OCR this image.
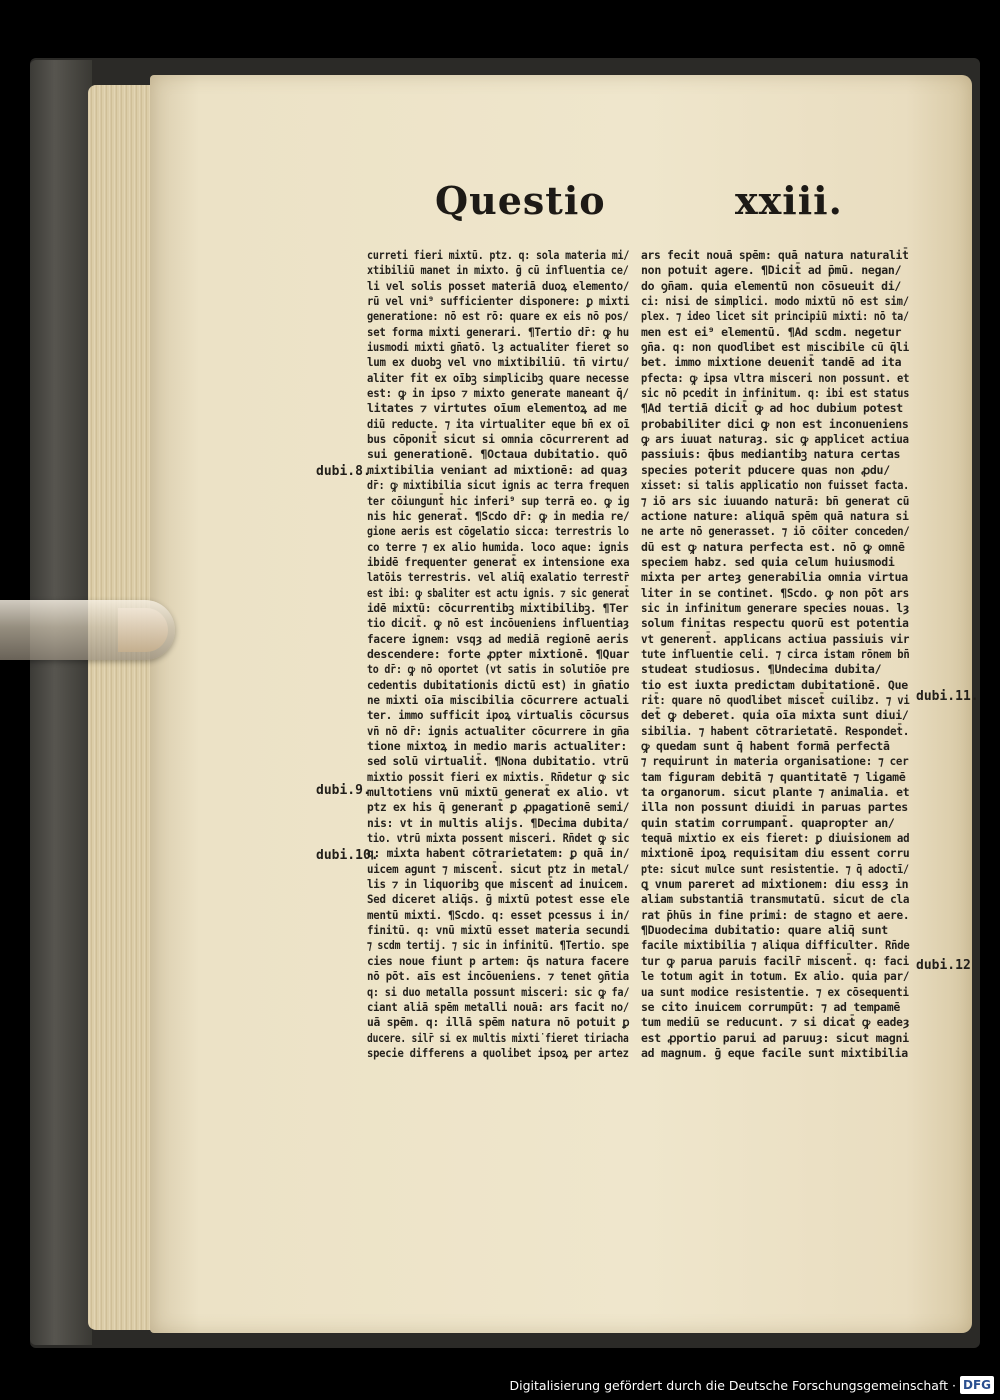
Questio	xxiii.
curreti fieri mixtū. ptz. q: sola materia mi/
xtibiliū manet in mixto. ḡ cū influentia ce/
li vel solis posset materiā duoꝝ elemento/
rū vel vni⁹ sufficienter disponere: ꝑ mixti
generatione: nō est rō: quare ex eis nō pos/
set forma mixti generari. ¶Tertio dr̄: ꝙ hu
iusmodi mixti gn̄atō. lȝ actualiter fieret so
lum ex duobꝫ vel vno mixtibiliū. tn̄ virtu/
aliter fit ex oībꝫ simplicibꝫ quare necesse
est: ꝙ in ipso ⁊ mixto generate maneant q̄/
litates ⁊ virtutes oīum elementoꝝ ad me
diū reducte. ⁊ ita virtualiter eque bn̄ ex oī
bus cōponit̄ sicut si omnia cōcurrerent ad
sui generationē. ¶Octaua dubitatio. quō
mixtibilia veniant ad mixtionē: ad quaȝ
dr̄: ꝙ mixtibilia sicut ignis ac terra frequen
ter cōiungunt̄ hic inferi⁹ sup terrā eo. ꝙ ig
nis hic generat̄. ¶Scdo dr̄: ꝙ in media re/
gione aeris est cōgelatio sicca: terrestris lo
co terre ⁊ ex alio humida. loco aque: ignis
ibidē frequenter generat̄ ex intensione exa
latōis terrestris. vel aliq̄ exalatio terrestr̄
est ibi: ꝙ sbaliter est actu ignis. ⁊ sic generat̄
idē mixtū: cōcurrentibꝫ mixtibilibꝫ. ¶Ter
tio dicit̄. ꝙ nō est incōueniens influentiaȝ
facere ignem: vsqȝ ad mediā regionē aeris
descendere: forte ꝓpter mixtionē. ¶Quar
to dr̄: ꝙ nō oportet (vt satis in solutiōe pre
cedentis dubitationis dictū est) in gn̄atio
ne mixti oīa miscibilia cōcurrere actuali
ter. immo sufficit ipoꝝ virtualis cōcursus
vn̄ nō dr̄: ignis actualiter cōcurrere in gn̄a
tione mixtoꝝ in medio maris actualiter:
sed solū virtualit̄. ¶Nona dubitatio. vtrū
mixtio possit fieri ex mixtis. Rn̄detur ꝙ sic
multotiens vnū mixtū generat̄ ex alio. vt
ptz ex his q̄ generant̄ ꝑ ꝓpagationē semi/
nis: vt in multis alijs. ¶Decima dubita/
tio. vtrū mixta possent misceri. Rn̄det ꝙ sic
q: mixta habent cōtrarietatem: ꝑ quā in/
uicem agunt ⁊ miscent̄. sicut ptz in metal/
lis ⁊ in liquoribꝫ que miscent̄ ad inuicem.
Sed diceret aliq̄s. ḡ mixtū potest esse ele
mentū mixti. ¶Scdo. q: esset pcessus i in/
finitū. q: vnū mixtū esset materia secundi
⁊ scdm tertij. ⁊ sic in infinitū. ¶Tertio. spe
cies noue fiunt p artem: q̄s natura facere
nō pōt. aīs est incōueniens. ⁊ tenet ꝯn̄tia
q: si duo metalla possunt misceri: sic ꝙ fa/
ciant aliā spēm metalli nouā: ars facit no/
uā spēm. q: illā spēm natura nō potuit ꝑ
ducere. silr̄ si ex multis mixti̇ fieret tiriacha
specie differens a quolibet ipsoꝝ per artez
ars fecit nouā spēm: quā natura naturalit̄
non potuit agere. ¶Dicit̄ ad p̄mū. negan/
do ꝯn̄am. quia elementū non cōsueuit di/
ci: nisi de simplici. modo mixtū nō est sim/
plex. ⁊ ideo licet sit principiū mixti: nō ta/
men est ei⁹ elementū. ¶Ad scdm. negetur
ꝯn̄a. q: non quodlibet est miscibile cū q̄li
bet. immo mixtione deuenit̄ tandē ad ita
pfecta: ꝙ ipsa vltra misceri non possunt. et
sic nō pcedit in infinitum. q: ibi est status
¶Ad tertiā dicit̄ ꝙ ad hoc dubium potest
probabiliter dici ꝙ non est inconueniens
ꝙ ars iuuat naturaȝ. sic ꝙ applicet actiua
passiuis: q̄bus mediantibꝫ natura certas
species poterit pducere quas non ꝓdu/
xisset: si talis applicatio non fuisset facta.
⁊ iō ars sic iuuando naturā: bn̄ generat cū
actione nature: aliquā spēm quā natura si
ne arte nō generasset. ⁊ iō cōiter conceden/
dū est ꝙ natura perfecta est. nō ꝙ omnē
speciem habz. sed quia celum huiusmodi
mixta per arteȝ generabilia omnia virtua
liter in se continet. ¶Scdo. ꝙ non pōt ars
sic in infinitum generare species nouas. lȝ
solum finitas respectu quorū est potentia
vt generent̄. applicans actiua passiuis vir
tute influentie celi. ⁊ circa istam rōnem bn̄
studeat studiosus. ¶Undecima dubita/
tio est iuxta predictam dubitationē. Que
rit̄: quare nō quodlibet miscet̄ cuilibz. ⁊ vi
det̄ ꝙ deberet. quia oīa mixta sunt diui/
sibilia. ⁊ habent cōtrarietatē. Respondet̄.
ꝙ quedam sunt q̄ habent formā perfectā
⁊ requirunt in materia organisatione: ⁊ cer
tam figuram debitā ⁊ quantitatē ⁊ ligamē
ta organorum. sicut plante ⁊ animalia. et
illa non possunt diuidi in paruas partes
quin statim corrumpant̄. quapropter an/
tequā mixtio ex eis fieret: ꝑ diuisionem ad
mixtionē ipoꝝ requisitam diu essent corru
pte: sicut mulce sunt resistentie. ⁊ q̄ adoctī/
ꝗ vnum pareret ad mixtionem: diu essȝ in
aliam substantiā transmutatū. sicut de cla
rat p̄hūs in fine primi: de stagno et aere.
¶Duodecima dubitatio: quare aliq̄ sunt
facile mixtibilia ⁊ aliqua difficulter. Rn̄de
tur ꝙ parua paruis facilr̄ miscent̄. q: faci
le totum agit in totum. Ex alio. quia par/
ua sunt modice resistentie. ⁊ ex cōsequenti
se cito inuicem corrumpūt: ⁊ ad tempamē
tum mediū se reducunt. ⁊ si dicat̄ ꝙ eadeȝ
est ꝓportio parui ad paruuȝ: sicut magni
ad magnum. ḡ eque facile sunt mixtibilia
dubi.8.
dubi.9.
dubi.10.
dubi.11.
dubi.12
Digitalisierung gefördert durch die Deutsche Forschungsgemeinschaft · DFG
